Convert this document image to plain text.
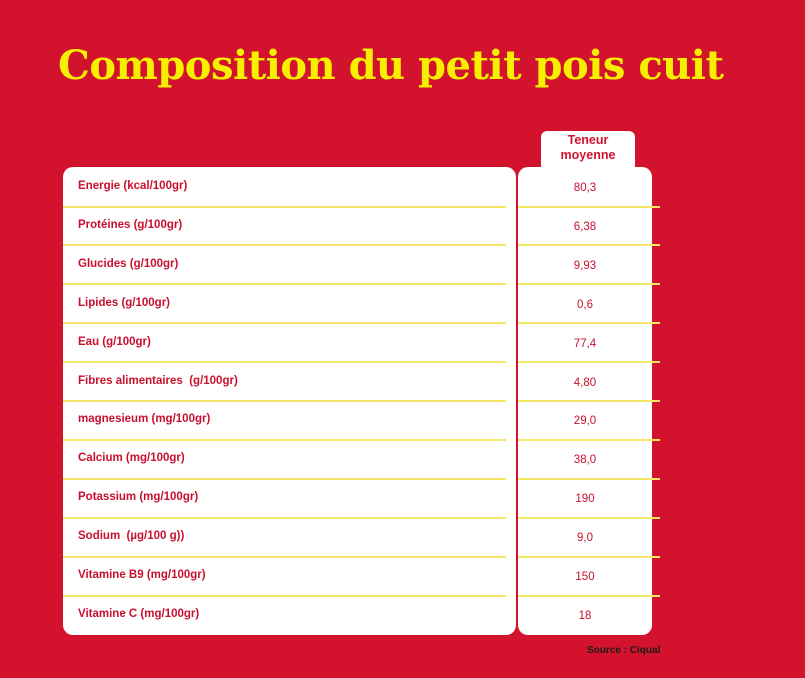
Composition du petit pois cuit
Teneur
moyenne
Energie (kcal/100gr)	80,3
Protéines (g/100gr)	6,38
Glucides (g/100gr)	9,93
Lipides (g/100gr)	0,6
Eau (g/100gr)	77,4
Fibres alimentaires  (g/100gr)	4,80
magnesieum (mg/100gr)	29,0
Calcium (mg/100gr)	38,0
Potassium (mg/100gr)	190
Sodium  (µg/100 g))	9,0
Vitamine B9 (mg/100gr)	150
Vitamine C (mg/100gr)	18
Source : Ciqual
